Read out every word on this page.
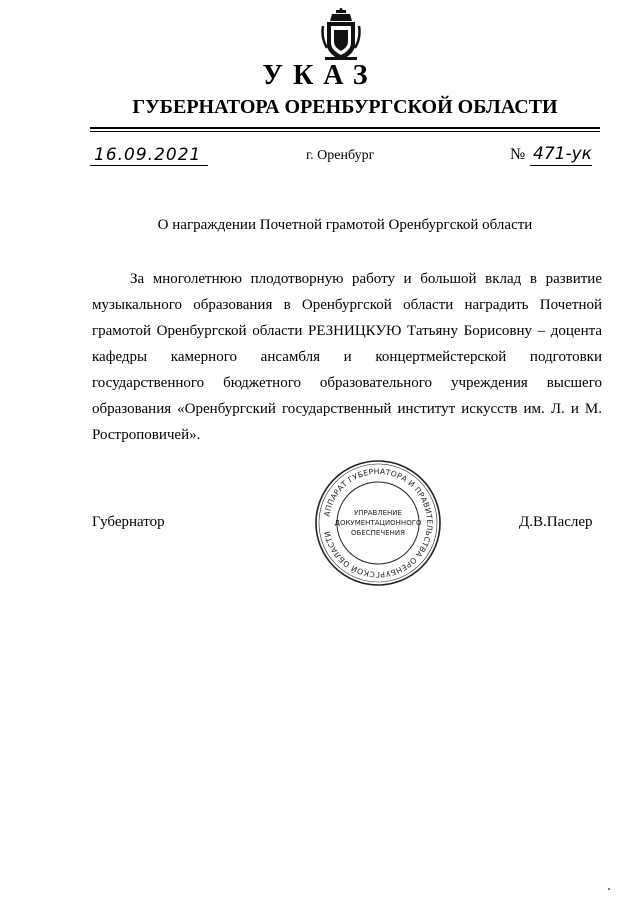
УКАЗ
ГУБЕРНАТОРА ОРЕНБУРГСКОЙ ОБЛАСТИ
16.09.2021	г. Оренбург	№ 471-ук
О награждении Почетной грамотой Оренбургской области

За многолетнюю плодотворную работу и большой вклад в развитие музыкального образования в Оренбургской области наградить Почетной грамотой Оренбургской области РЕЗНИЦКУЮ Татьяну Борисовну – доцента кафедры камерного ансамбля и концертмейстерской подготовки государственного бюджетного образовательного учреждения высшего образования «Оренбургский государственный институт искусств им. Л. и М. Ростроповичей».

Губернатор	Д.В.Паслер
АППАРАТ ГУБЕРНАТОРА И ПРАВИТЕЛЬСТВА ОРЕНБУРГСКОЙ ОБЛАСТИ
УПРАВЛЕНИЕ
ДОКУМЕНТАЦИОННОГО
ОБЕСПЕЧЕНИЯ
